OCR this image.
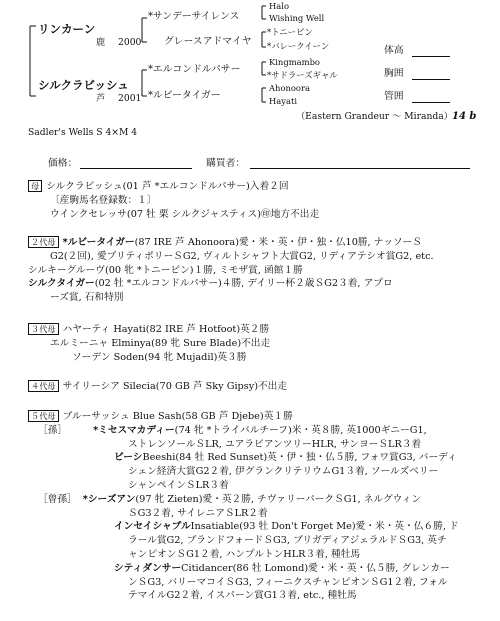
リンカーン
鹿 2000
シルクラビッシュ
芦 2001
*サンデーサイレンス
グレースアドマイヤ
*エルコンドルパサー
*ルビータイガー
Halo
Wishing Well
*トニービン
*バレークイーン
Kingmambo
*サドラーズギャル
Ahonoora
Hayati
体高
胸囲
管囲
（Eastern Grandeur ～ Miranda） 14 b
Sadler's Wells S 4×M 4
価格：	購買者：
母 シルクラビッシュ(01 芦 *エルコンドルパサー)入着２回
〔産駒馬名登録数：１〕
ウインクセレッサ(07 牡 栗 シルクジャスティス)㊞地方不出走
２代母 *ルビータイガー(87 IRE 芦 Ahonoora)愛・米・英・伊・独・仏10勝, ナッソーＳ
G2(２回), 愛プリティポリーＳG2, ヴィルトシャフト大賞G2, リディアテシオ賞G2, etc.
シルキーグルーヴ(00 牝 *トニービン)１勝, ミモザ賞, 函館１勝
シルクタイガー(02 牡 *エルコンドルパサー)４勝, デイリー杯２歳ＳG2３着, アプロ
ーズ賞, 石和特別
３代母 ハヤーティ Hayati(82 IRE 芦 Hotfoot)英２勝
エルミーニャ Elminya(89 牝 Sure Blade)不出走
ソーデン Soden(94 牝 Mujadil)英３勝
４代母 サイリーシア Silecia(70 GB 芦 Sky Gipsy)不出走
５代母 ブルーサッシュ Blue Sash(58 GB 芦 Djebe)英１勝
［孫］	*ミセスマカディー(74 牝 *トライバルチーフ)米・英８勝, 英1000ギニーG1,
ストレンソールＳLR, ユアラビアンツリーHLR, サンヨーＳLR３着
ビーシBeeshi(84 牡 Red Sunset)英・伊・独・仏５勝, フォワ賞G3, バーディ
シェン経済大賞G2２着, 伊グランクリテリウムG1３着, ソールズベリー
シャンペインＳLR３着
［曾孫］ *シーズアン(97 牝 Zieten)愛・英２勝, チヴァリーパークＳG1, ネルグウィン
ＳG3２着, サイレニアＳLR２着
インセイシャブルInsatiable(93 牡 Don't Forget Me)愛・米・英・仏６勝, ド
ラール賞G2, ブランドフォードＳG3, ブリガディアジェラルドＳG3, 英チ
ャンピオンＳG1２着, ハンプルトンHLR３着, 種牡馬
シティダンサーCitidancer(86 牡 Lomond)愛・米・英・仏５勝, グレンカー
ンＳG3, バリーマコイＳG3, フィーニクスチャンピオンＳG1２着, フォル
テマイルG2２着, イスパーン賞G1３着, etc., 種牡馬
